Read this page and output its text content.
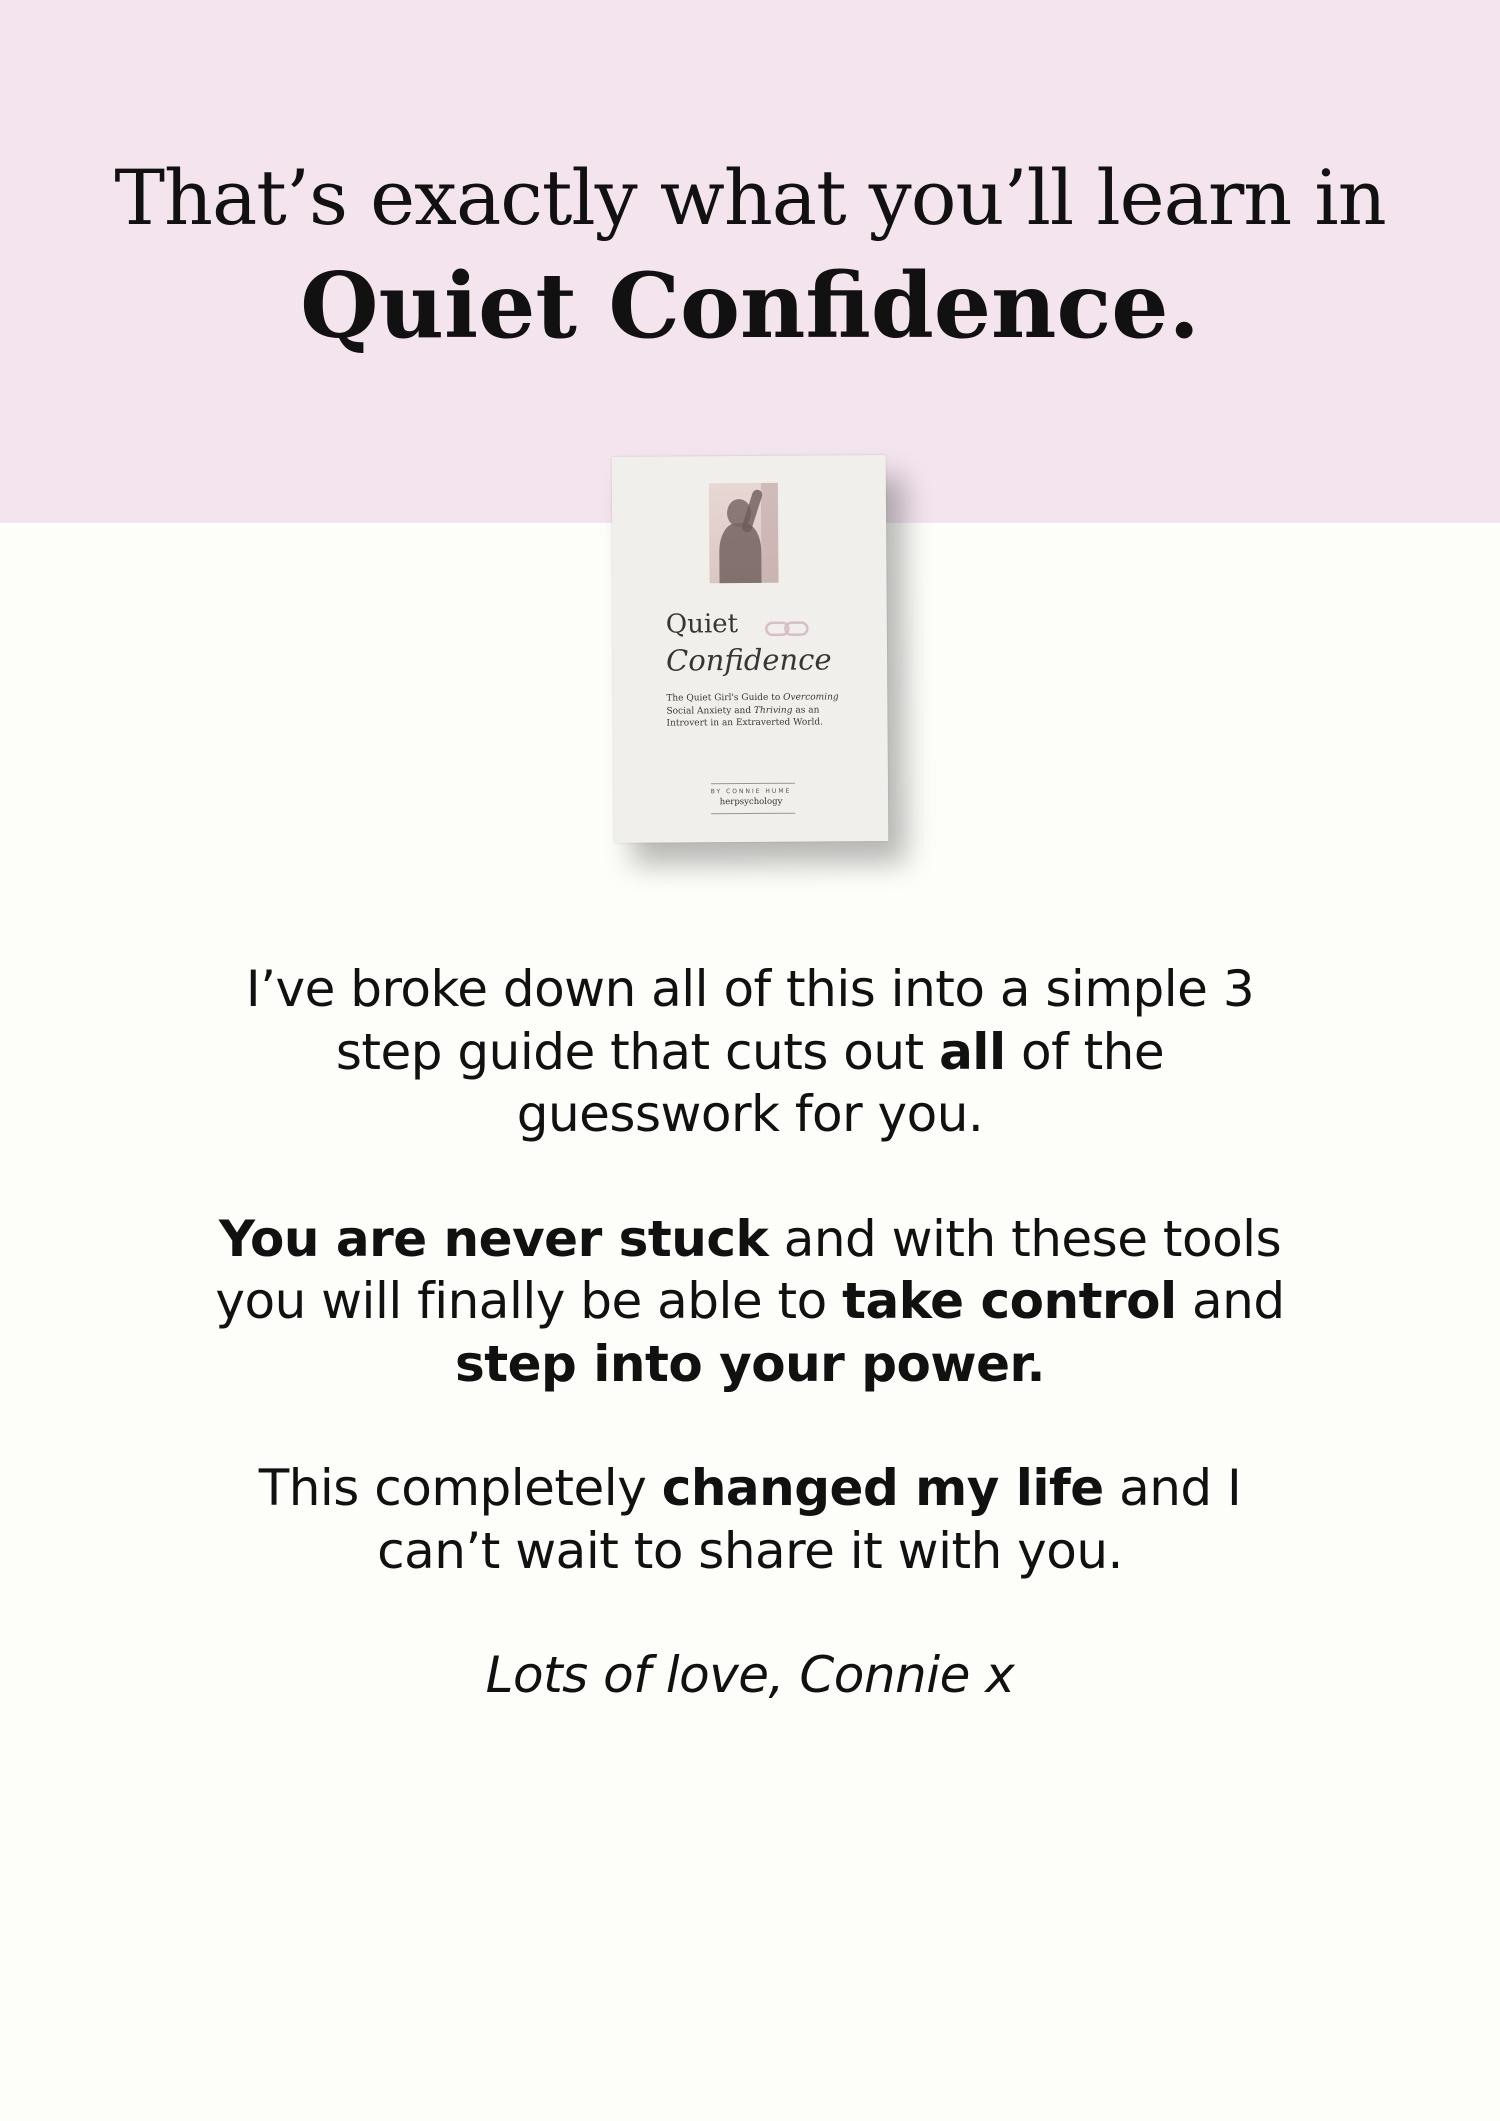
That’s exactly what you’ll learn in
Quiet Confidence.
Quiet
Confidence
The Quiet Girl's Guide to Overcoming Social Anxiety and Thriving as an Introvert in an Extraverted World.
BY CONNIE HUME
herpsychology

I’ve broke down all of this into a simple 3 step guide that cuts out all of the guesswork for you.

You are never stuck and with these tools you will finally be able to take control and step into your power.

This completely changed my life and I can’t wait to share it with you.

Lots of love, Connie x
